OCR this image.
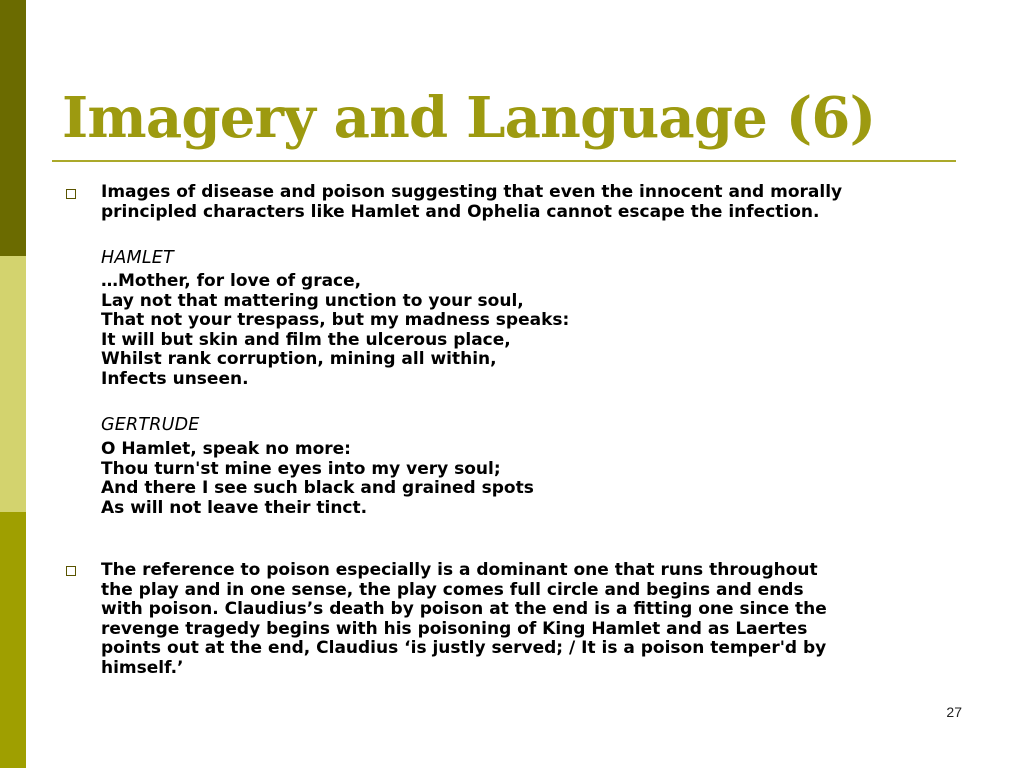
Imagery and Language (6)

Images of disease and poison suggesting that even the innocent and morally
principled characters like Hamlet and Ophelia cannot escape the infection.

HAMLET

…Mother, for love of grace,
Lay not that mattering unction to your soul,
That not your trespass, but my madness speaks:
It will but skin and film the ulcerous place,
Whilst rank corruption, mining all within,
Infects unseen.

GERTRUDE

O Hamlet, speak no more:
Thou turn'st mine eyes into my very soul;
And there I see such black and grained spots
As will not leave their tinct.

The reference to poison especially is a dominant one that runs throughout
the play and in one sense, the play comes full circle and begins and ends
with poison. Claudius’s death by poison at the end is a fitting one since the
revenge tragedy begins with his poisoning of King Hamlet and as Laertes
points out at the end, Claudius ‘is justly served; / It is a poison temper'd by
himself.’

27
